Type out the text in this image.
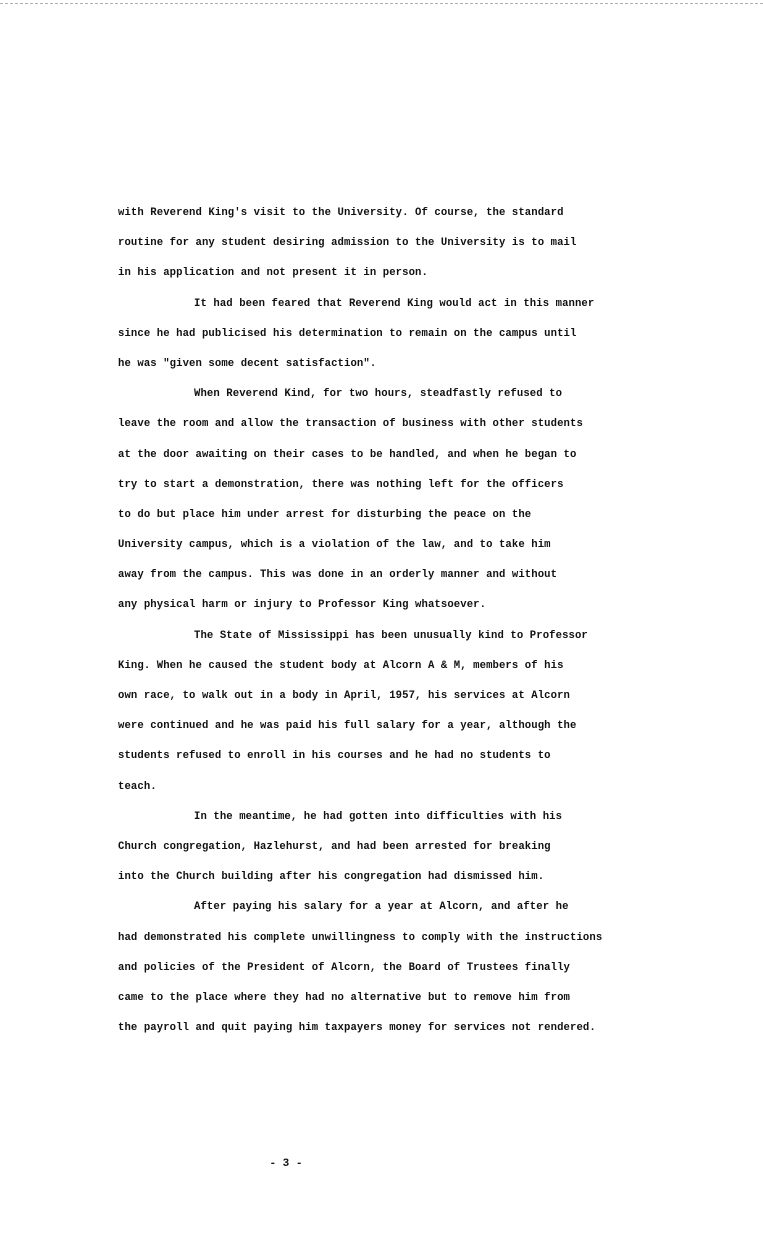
with Reverend King's visit to the University. Of course, the standard
routine for any student desiring admission to the University is to mail
in his application and not present it in person.
It had been feared that Reverend King would act in this manner
since he had publicised his determination to remain on the campus until
he was "given some decent satisfaction".
When Reverend Kind, for two hours, steadfastly refused to
leave the room and allow the transaction of business with other students
at the door awaiting on their cases to be handled, and when he began to
try to start a demonstration, there was nothing left for the officers
to do but place him under arrest for disturbing the peace on the
University campus, which is a violation of the law, and to take him
away from the campus. This was done in an orderly manner and without
any physical harm or injury to Professor King whatsoever.
The State of Mississippi has been unusually kind to Professor
King. When he caused the student body at Alcorn A & M, members of his
own race, to walk out in a body in April, 1957, his services at Alcorn
were continued and he was paid his full salary for a year, although the
students refused to enroll in his courses and he had no students to
teach.
In the meantime, he had gotten into difficulties with his
Church congregation, Hazlehurst, and had been arrested for breaking
into the Church building after his congregation had dismissed him.
After paying his salary for a year at Alcorn, and after he
had demonstrated his complete unwillingness to comply with the instructions
and policies of the President of Alcorn, the Board of Trustees finally
came to the place where they had no alternative but to remove him from
the payroll and quit paying him taxpayers money for services not rendered.
- 3 -
